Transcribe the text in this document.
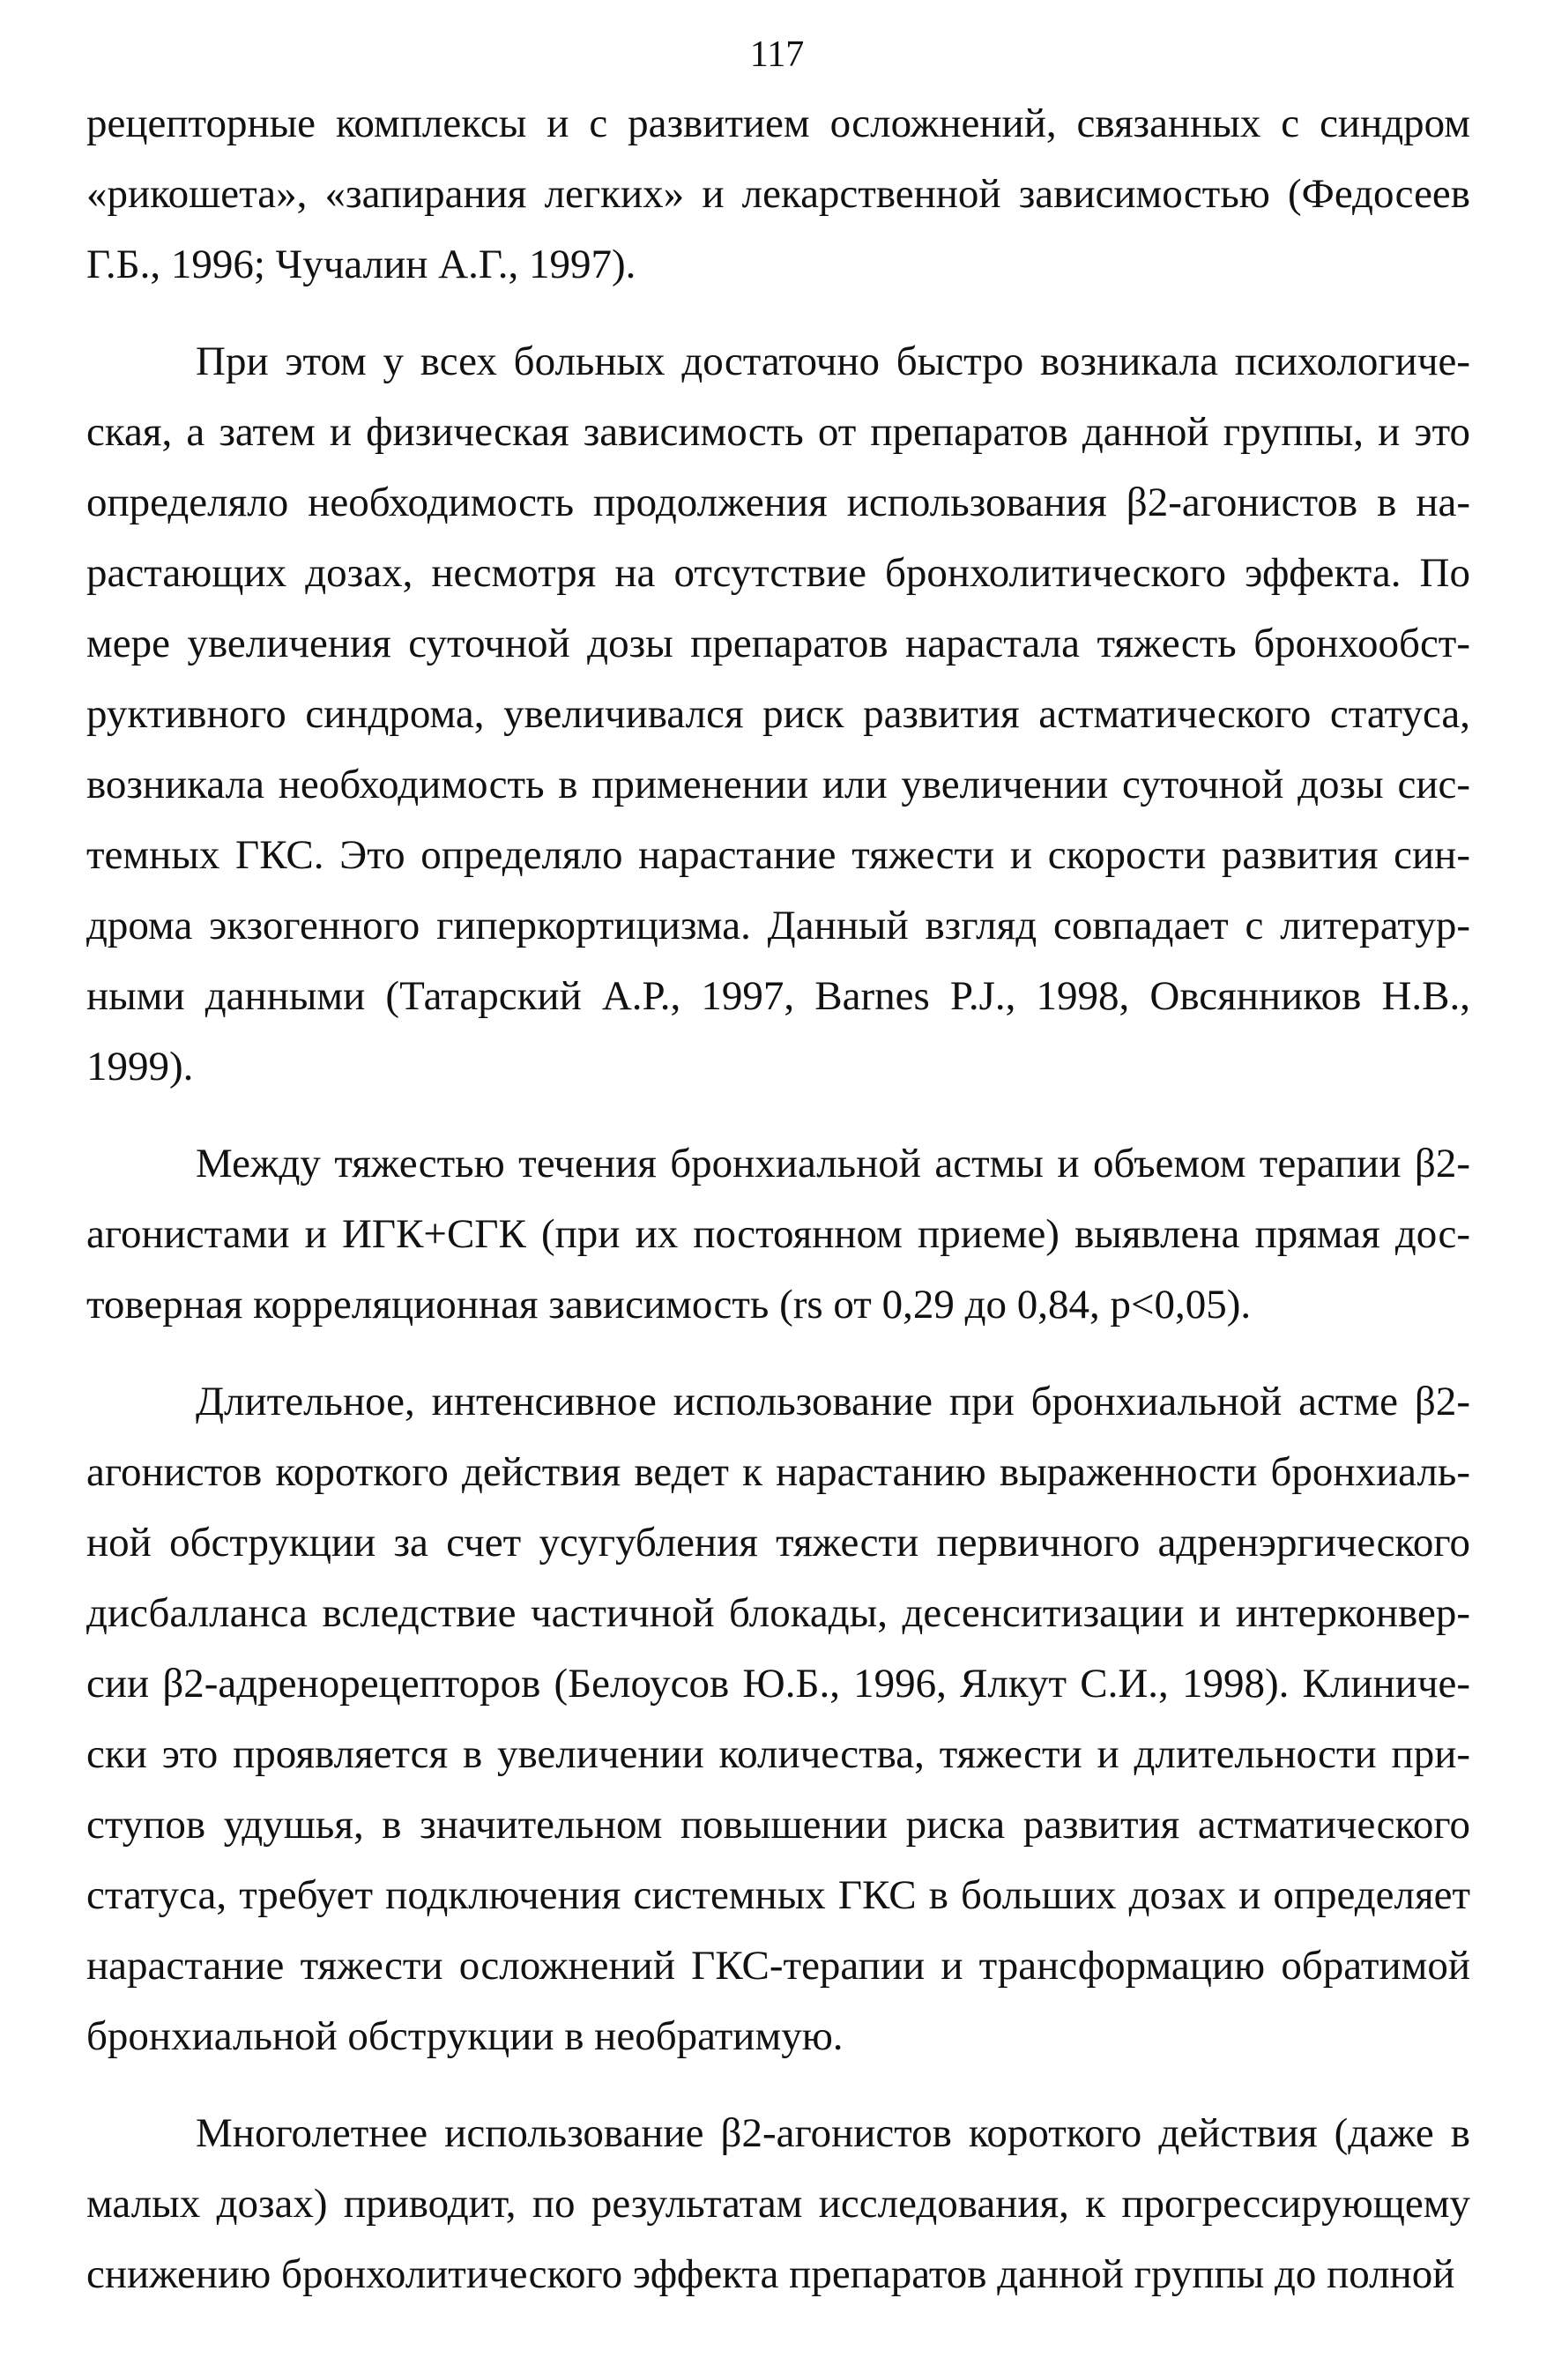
117

рецепторные комплексы и с развитием осложнений, связанных с синдром «рикошета», «запирания легких» и лекарственной зависимостью (Федосеев Г.Б., 1996; Чучалин А.Г., 1997).

При этом у всех больных достаточно быстро возникала психологическая, а затем и физическая зависимость от препаратов данной группы, и это определяло необходимость продолжения использования β2-агонистов в нарастающих дозах, несмотря на отсутствие бронхолитического эффекта. По мере увеличения суточной дозы препаратов нарастала тяжесть бронхообструктивного синдрома, увеличивался риск развития астматического статуса, возникала необходимость в применении или увеличении суточной дозы системных ГКС. Это определяло нарастание тяжести и скорости развития синдрома экзогенного гиперкортицизма. Данный взгляд совпадает с литературными данными (Татарский А.Р., 1997, Barnes P.J., 1998, Овсянников Н.В., 1999).

Между тяжестью течения бронхиальной астмы и объемом терапии β2-агонистами и ИГК+СГК (при их постоянном приеме) выявлена прямая достоверная корреляционная зависимость (rs от 0,29 до 0,84, p<0,05).

Длительное, интенсивное использование при бронхиальной астме β2-агонистов короткого действия ведет к нарастанию выраженности бронхиальной обструкции за счет усугубления тяжести первичного адренэргического дисбалланса вследствие частичной блокады, десенситизации и интерконверсии β2-адренорецепторов (Белоусов Ю.Б., 1996, Ялкут С.И., 1998). Клинически это проявляется в увеличении количества, тяжести и длительности приступов удушья, в значительном повышении риска развития астматического статуса, требует подключения системных ГКС в больших дозах и определяет нарастание тяжести осложнений ГКС-терапии и трансформацию обратимой бронхиальной обструкции в необратимую.

Многолетнее использование β2-агонистов короткого действия (даже в малых дозах) приводит, по результатам исследования, к прогрессирующему снижению бронхолитического эффекта препаратов данной группы до полной
